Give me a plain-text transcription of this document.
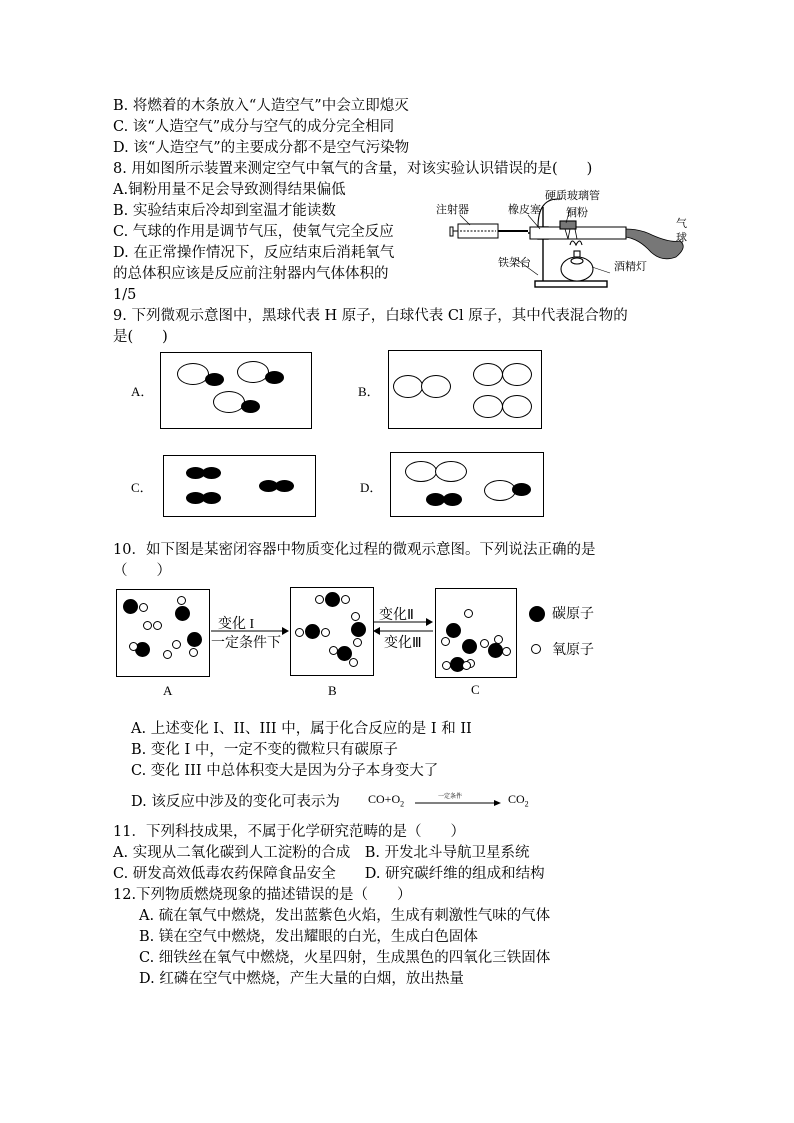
B. 将燃着的木条放入“人造空气”中会立即熄灭
C. 该“人造空气”成分与空气的成分完全相同
D. 该“人造空气”的主要成分都不是空气污染物
8. 用如图所示装置来测定空气中氧气的含量，对该实验认识错误的是(　　)
A.铜粉用量不足会导致测得结果偏低
B. 实验结束后冷却到室温才能读数
C. 气球的作用是调节气压，使氧气完全反应
D. 在正常操作情况下，反应结束后消耗氧气
的总体积应该是反应前注射器内气体体积的
1/5
硬质玻璃管
注射器	橡皮塞 铜粉
气球
铁架台	酒精灯
9. 下列微观示意图中，黑球代表 H 原子，白球代表 Cl 原子，其中代表混合物的
是(　　)
A．	B．
C．	D．
10．如下图是某密闭容器中物质变化过程的微观示意图。下列说法正确的是
（　　）
A
变化 I
一定条件下
B
变化Ⅱ
变化Ⅲ
C
碳原子
氧原子
A. 上述变化 I、II、III 中，属于化合反应的是 I 和 II
B. 变化 I 中，一定不变的微粒只有碳原子
C. 变化 III 中总体积变大是因为分子本身变大了
D. 该反应中涉及的变化可表示为 $CO+O_2$
一定条件	$CO_2$
11．下列科技成果，不属于化学研究范畴的是（　　）
A. 实现从二氧化碳到人工淀粉的合成　B. 开发北斗导航卫星系统
C. 研发高效低毒农药保障食品安全　　D. 研究碳纤维的组成和结构
12.下列物质燃烧现象的描述错误的是（　　）
A. 硫在氧气中燃烧，发出蓝紫色火焰，生成有刺激性气味的气体
B. 镁在空气中燃烧，发出耀眼的白光，生成白色固体
C. 细铁丝在氧气中燃烧，火星四射，生成黑色的四氧化三铁固体
D. 红磷在空气中燃烧，产生大量的白烟，放出热量
